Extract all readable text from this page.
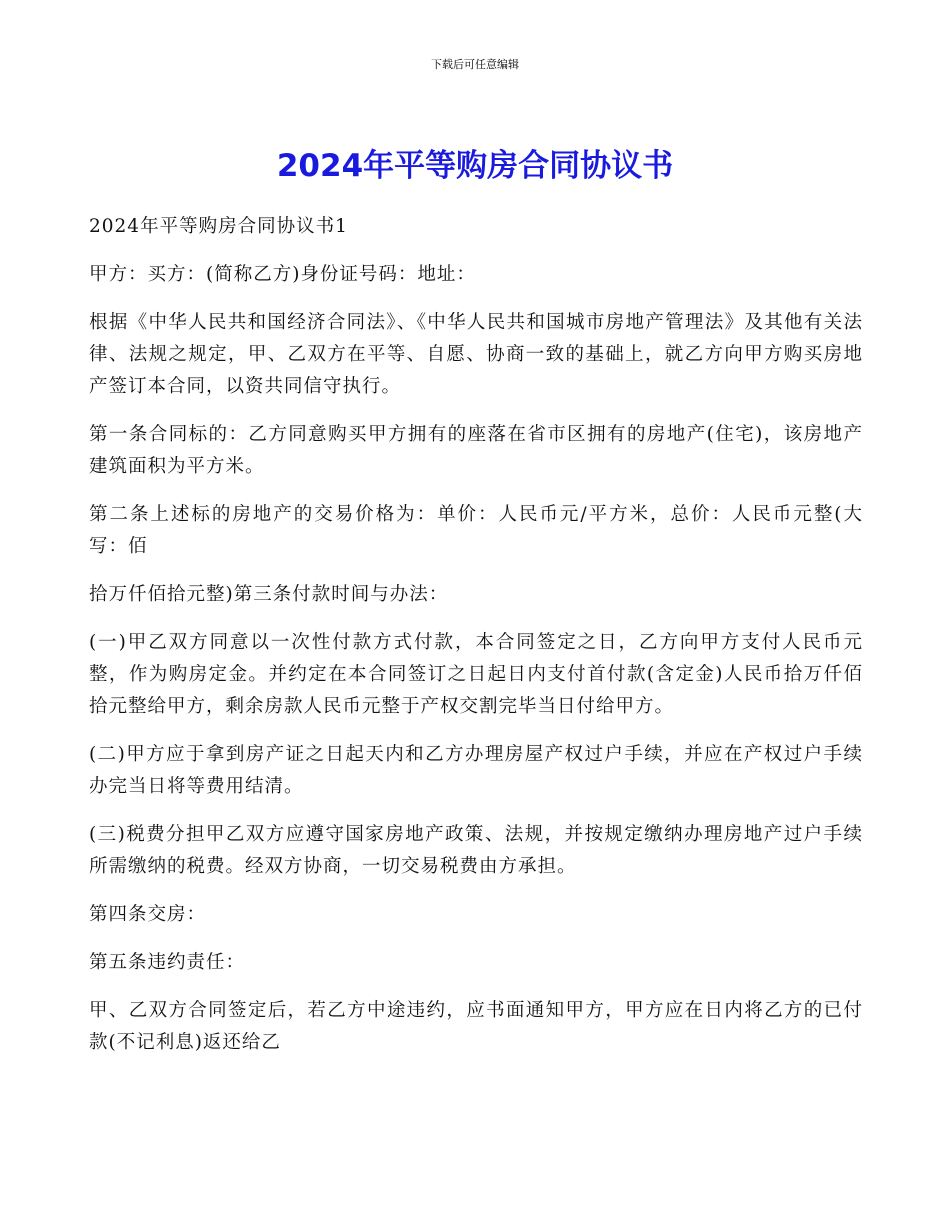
下载后可任意编辑
2024年平等购房合同协议书

2024年平等购房合同协议书1

甲方：买方：(简称乙方)身份证号码：地址：

根据《中华人民共和国经济合同法》、《中华人民共和国城市房地产管理法》及其他有关法律、法规之规定，甲、乙双方在平等、自愿、协商一致的基础上，就乙方向甲方购买房地产签订本合同，以资共同信守执行。

第一条合同标的：乙方同意购买甲方拥有的座落在省市区拥有的房地产(住宅)，该房地产建筑面积为平方米。

第二条上述标的房地产的交易价格为：单价：人民币元/平方米，总价：人民币元整(大写：佰

拾万仟佰拾元整)第三条付款时间与办法：

(一)甲乙双方同意以一次性付款方式付款，本合同签定之日，乙方向甲方支付人民币元整，作为购房定金。并约定在本合同签订之日起日内支付首付款(含定金)人民币拾万仟佰拾元整给甲方，剩余房款人民币元整于产权交割完毕当日付给甲方。

(二)甲方应于拿到房产证之日起天内和乙方办理房屋产权过户手续，并应在产权过户手续办完当日将等费用结清。

(三)税费分担甲乙双方应遵守国家房地产政策、法规，并按规定缴纳办理房地产过户手续所需缴纳的税费。经双方协商，一切交易税费由方承担。

第四条交房：

第五条违约责任：

甲、乙双方合同签定后，若乙方中途违约，应书面通知甲方，甲方应在日内将乙方的已付款(不记利息)返还给乙
